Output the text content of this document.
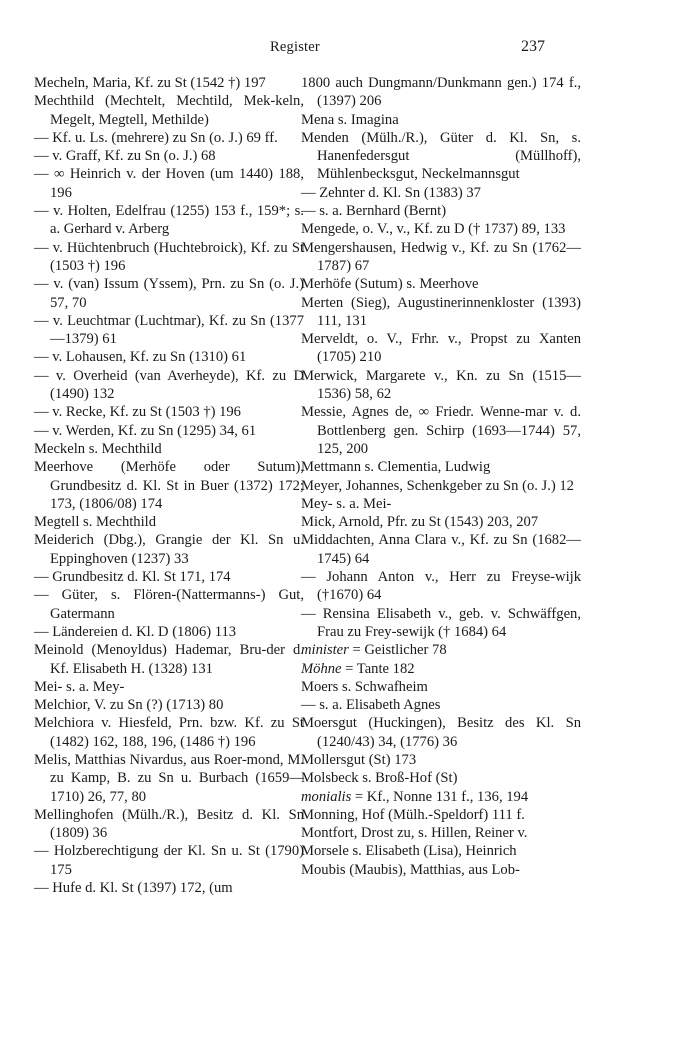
Register	237

Mecheln, Maria, Kf. zu St (1542 †) 197

Mechthild (Mechtelt, Mechtild, Mek-keln, Megelt, Megtell, Methilde)

— Kf. u. Ls. (mehrere) zu Sn (o. J.) 69 ff.

— v. Graff, Kf. zu Sn (o. J.) 68

— ∞ Heinrich v. der Hoven (um 1440) 188, 196

— v. Holten, Edelfrau (1255) 153 f., 159*; s. a. Gerhard v. Arberg

— v. Hüchtenbruch (Huchtebroick), Kf. zu St (1503 †) 196

— v. (van) Issum (Yssem), Prn. zu Sn (o. J.) 57, 70

— v. Leuchtmar (Luchtmar), Kf. zu Sn (1377—1379) 61

— v. Lohausen, Kf. zu Sn (1310) 61

— v. Overheid (van Averheyde), Kf. zu D (1490) 132

— v. Recke, Kf. zu St (1503 †) 196

— v. Werden, Kf. zu Sn (1295) 34, 61

Meckeln s. Mechthild

Meerhove (Merhöfe oder Sutum), Grundbesitz d. Kl. St in Buer (1372) 172; 173, (1806/08) 174

Megtell s. Mechthild

Meiderich (Dbg.), Grangie der Kl. Sn u. Eppinghoven (1237) 33

— Grundbesitz d. Kl. St 171, 174

— Güter, s. Flören-(Nattermanns-) Gut, Gatermann

— Ländereien d. Kl. D (1806) 113

Meinold (Menoyldus) Hademar, Bru-der d. Kf. Elisabeth H. (1328) 131

Mei- s. a. Mey-

Melchior, V. zu Sn (?) (1713) 80

Melchiora v. Hiesfeld, Prn. bzw. Kf. zu St (1482) 162, 188, 196, (1486 †) 196

Melis, Matthias Nivardus, aus Roer-mond, M. zu Kamp, B. zu Sn u. Burbach (1659—1710) 26, 77, 80

Mellinghofen (Mülh./R.), Besitz d. Kl. Sn (1809) 36

— Holzberechtigung der Kl. Sn u. St (1790) 175

— Hufe d. Kl. St (1397) 172, (um

1800 auch Dungmann/Dunkmann gen.) 174 f., (1397) 206

Mena s. Imagina

Menden (Mülh./R.), Güter d. Kl. Sn, s. Hanenfedersgut (Müllhoff), Mühlenbecksgut, Neckelmannsgut

— Zehnter d. Kl. Sn (1383) 37

— s. a. Bernhard (Bernt)

Mengede, o. V., v., Kf. zu D († 1737) 89, 133

Mengershausen, Hedwig v., Kf. zu Sn (1762—1787) 67

Merhöfe (Sutum) s. Meerhove

Merten (Sieg), Augustinerinnenkloster (1393) 111, 131

Merveldt, o. V., Frhr. v., Propst zu Xanten (1705) 210

Merwick, Margarete v., Kn. zu Sn (1515—1536) 58, 62

Messie, Agnes de, ∞ Friedr. Wenne-mar v. d. Bottlenberg gen. Schirp (1693—1744) 57, 125, 200

Mettmann s. Clementia, Ludwig

Meyer, Johannes, Schenkgeber zu Sn (o. J.) 12

Mey- s. a. Mei-

Mick, Arnold, Pfr. zu St (1543) 203, 207

Middachten, Anna Clara v., Kf. zu Sn (1682—1745) 64

— Johann Anton v., Herr zu Freyse-wijk (†1670) 64

— Rensina Elisabeth v., geb. v. Schwäffgen, Frau zu Frey-sewijk († 1684) 64

minister = Geistlicher 78

Möhne = Tante 182

Moers s. Schwafheim

— s. a. Elisabeth Agnes

Moersgut (Huckingen), Besitz des Kl. Sn (1240/43) 34, (1776) 36

Mollersgut (St) 173

Molsbeck s. Broß-Hof (St)

monialis = Kf., Nonne 131 f., 136, 194

Monning, Hof (Mülh.-Speldorf) 111 f.

Montfort, Drost zu, s. Hillen, Reiner v.

Morsele s. Elisabeth (Lisa), Heinrich

Moubis (Maubis), Matthias, aus Lob-
